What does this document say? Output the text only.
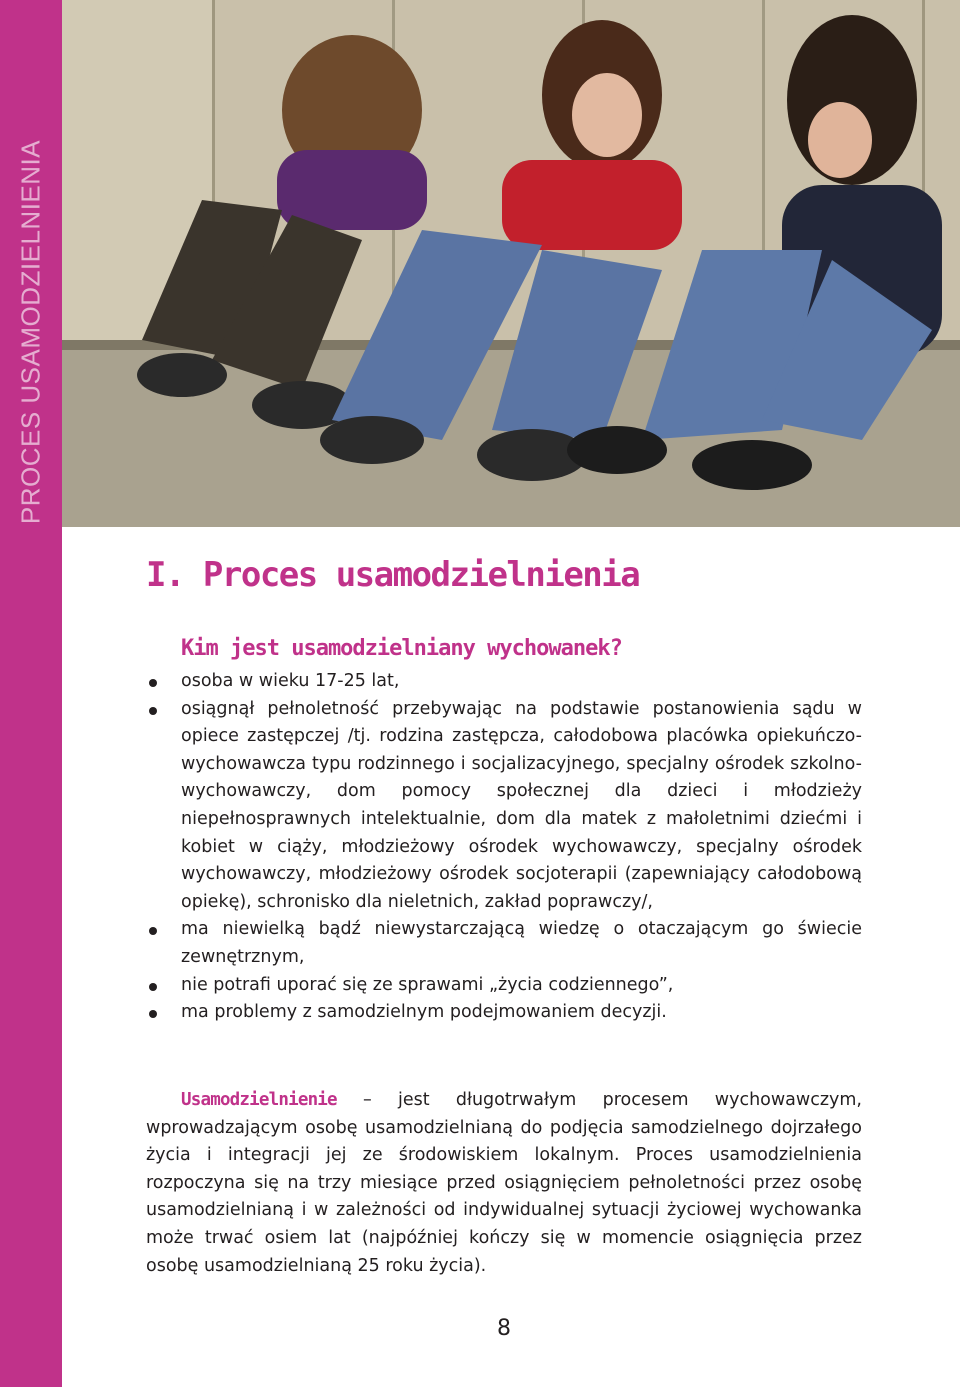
PROCES USAMODZIELNIENIA
I. Proces usamodzielnienia
Kim jest usamodzielniany wychowanek?
osoba w wieku 17-25 lat,
osiągnął pełnoletność przebywając na podstawie postanowienia sądu w opiece zastępczej /tj. rodzina zastępcza, całodobowa placówka opiekuńczo-wychowawcza typu rodzinnego i socjalizacyjnego, specjalny ośrodek szkolno-wychowawczy, dom pomocy społecznej dla dzieci i młodzieży niepełnosprawnych intelektualnie, dom dla matek z małoletnimi dziećmi i kobiet w ciąży, młodzieżowy ośrodek wychowawczy, specjalny ośrodek wychowawczy, młodzieżowy ośrodek socjoterapii (zapewniający całodobową opiekę), schronisko dla nieletnich, zakład poprawczy/,
ma niewielką bądź niewystarczającą wiedzę o otaczającym go świecie zewnętrznym,
nie potrafi uporać się ze sprawami „życia codziennego”,
ma problemy z samodzielnym podejmowaniem decyzji.

Usamodzielnienie – jest długotrwałym procesem wychowawczym, wprowadzającym osobę usamodzielnianą do podjęcia samodzielnego dojrzałego życia i integracji jej ze środowiskiem lokalnym. Proces usamodzielnienia rozpoczyna się na trzy miesiące przed osiągnięciem pełnoletności przez osobę usamodzielnianą i w zależności od indywidualnej sytuacji życiowej wychowanka może trwać osiem lat (najpóźniej kończy się w momencie osiągnięcia przez osobę usamodzielnianą 25 roku życia).

8
